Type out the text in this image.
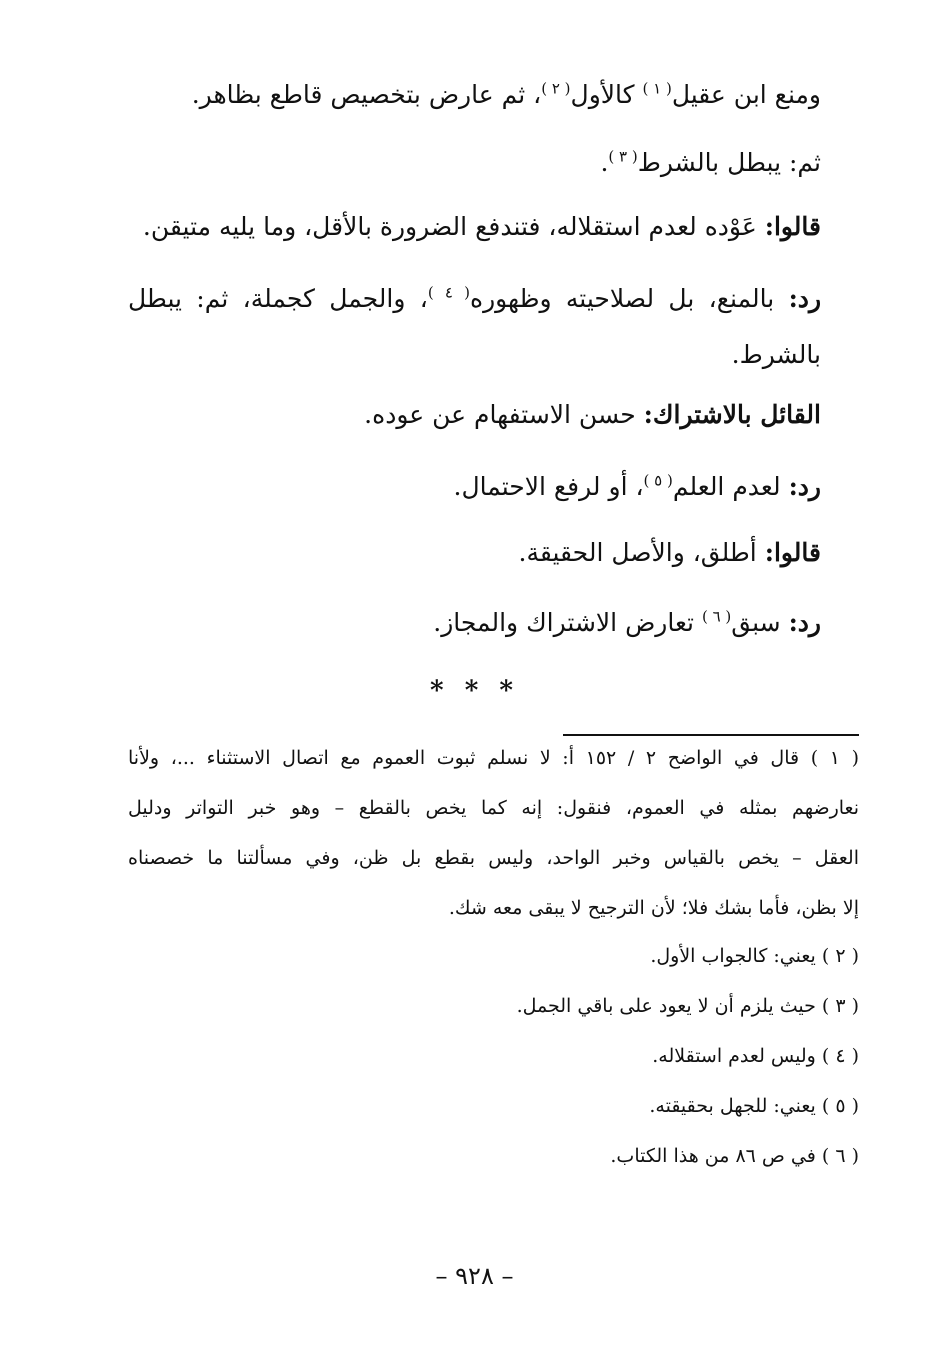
ومنع ابن عقيل$^{( ١ )}$ كالأول$^{( ٢ )}$، ثم عارض بتخصيص قاطع بظاهر.
ثم: يبطل بالشرط$^{( ٣ )}$.
قالوا: عَوْده لعدم استقلاله، فتندفع الضرورة بالأقل، وما يليه متيقن.
رد: بالمنع، بل لصلاحيته وظهوره$^{( ٤ )}$، والجمل كجملة، ثم: يبطل
بالشرط.
القائل بالاشتراك: حسن الاستفهام عن عوده.
رد: لعدم العلم$^{( ٥ )}$، أو لرفع الاحتمال.
قالوا: أطلق، والأصل الحقيقة.
رد: سبق$^{( ٦ )}$ تعارض الاشتراك والمجاز.
* * *
( ١ ) قال في الواضح ٢ / ١٥٢ أ: لا نسلم ثبوت العموم مع اتصال الاستثناء ...، ولأنا
نعارضهم بمثله في العموم، فنقول: إنه كما يخص بالقطع – وهو خبر التواتر ودليل
العقل – يخص بالقياس وخبر الواحد، وليس بقطع بل ظن، وفي مسألتنا ما خصصناه
إلا بظن، فأما بشك فلا؛ لأن الترجيح لا يبقى معه شك.
( ٢ ) يعني: كالجواب الأول.
( ٣ ) حيث يلزم أن لا يعود على باقي الجمل.
( ٤ ) وليس لعدم استقلاله.
( ٥ ) يعني: للجهل بحقيقته.
( ٦ ) في ص ٨٦ من هذا الكتاب.
– ٩٢٨ –
